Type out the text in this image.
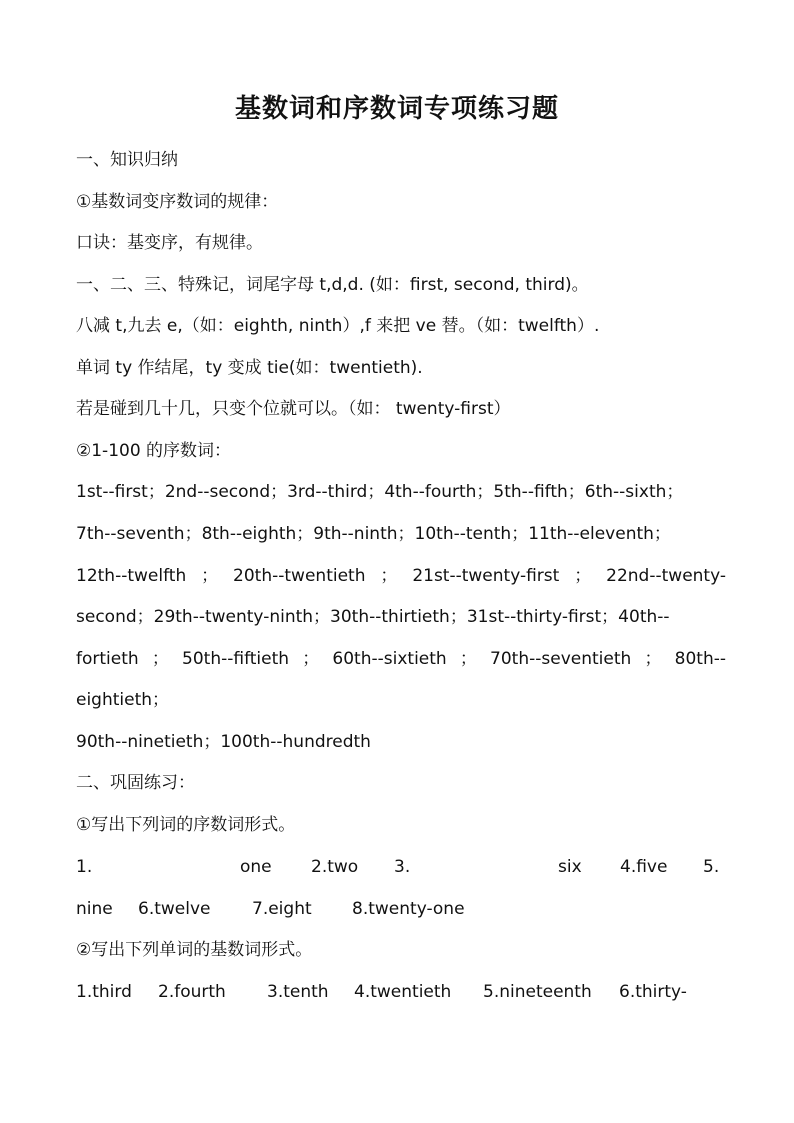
基数词和序数词专项练习题
一、知识归纳
①基数词变序数词的规律：
口诀：基变序，有规律。
一、二、三、特殊记，词尾字母 t,d,d. (如：first, second, third)。
八减 t,九去 e,（如：eighth, ninth）,f 来把 ve 替。（如：twelfth）.
单词 ty 作结尾，ty 变成 tie(如：twentieth).
若是碰到几十几，只变个位就可以。（如： twenty-first）
②1-100 的序数词：
1st--first；2nd--second；3rd--third；4th--fourth；5th--fifth；6th--sixth；
7th--seventh；8th--eighth；9th--ninth；10th--tenth；11th--eleventh；
12th--twelfth ； 20th--twentieth ； 21st--twenty-first ； 22nd--twenty-
second；29th--twenty-ninth；30th--thirtieth；31st--thirty-first；40th--
fortieth ； 50th--fiftieth ； 60th--sixtieth ； 70th--seventieth ； 80th--
eightieth；
90th--ninetieth；100th--hundredth
二、巩固练习：
①写出下列词的序数词形式。
1.	one 2.two 3.	six 4.five 5.
nine 6.twelve 7.eight 8.twenty-one
②写出下列单词的基数词形式。
1.third 2.fourth 3.tenth 4.twentieth 5.nineteenth 6.thirty-
